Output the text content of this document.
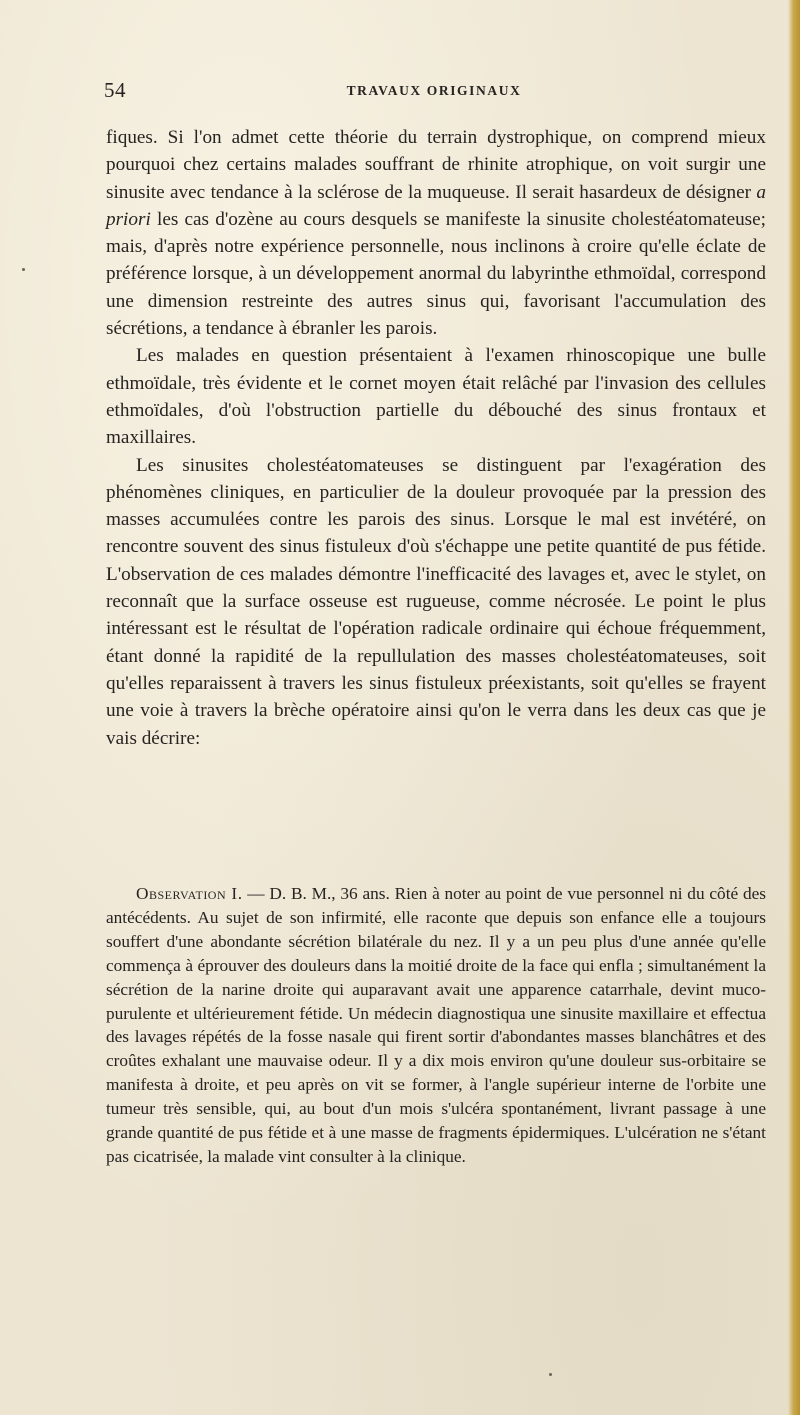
54	TRAVAUX ORIGINAUX

fiques. Si l'on admet cette théorie du terrain dystrophique, on comprend mieux pourquoi chez certains malades souffrant de rhinite atrophique, on voit surgir une sinusite avec tendance à la sclérose de la muqueuse. Il serait hasardeux de désigner a priori les cas d'ozène au cours desquels se manifeste la sinusite cholestéatomateuse; mais, d'après notre expérience personnelle, nous inclinons à croire qu'elle éclate de préférence lorsque, à un développement anormal du labyrinthe ethmoïdal, correspond une dimension restreinte des autres sinus qui, favorisant l'accumulation des sécrétions, a tendance à ébranler les parois.

Les malades en question présentaient à l'examen rhinoscopique une bulle ethmoïdale, très évidente et le cornet moyen était relâché par l'invasion des cellules ethmoïdales, d'où l'obstruction partielle du débouché des sinus frontaux et maxillaires.

Les sinusites cholestéatomateuses se distinguent par l'exagération des phénomènes cliniques, en particulier de la douleur provoquée par la pression des masses accumulées contre les parois des sinus. Lorsque le mal est invétéré, on rencontre souvent des sinus fistuleux d'où s'échappe une petite quantité de pus fétide. L'observation de ces malades démontre l'inefficacité des lavages et, avec le stylet, on reconnaît que la surface osseuse est rugueuse, comme nécrosée. Le point le plus intéressant est le résultat de l'opération radicale ordinaire qui échoue fréquemment, étant donné la rapidité de la repullulation des masses cholestéatomateuses, soit qu'elles reparaissent à travers les sinus fistuleux préexistants, soit qu'elles se frayent une voie à travers la brèche opératoire ainsi qu'on le verra dans les deux cas que je vais décrire:

Observation I. — D. B. M., 36 ans. Rien à noter au point de vue personnel ni du côté des antécédents. Au sujet de son infirmité, elle raconte que depuis son enfance elle a toujours souffert d'une abondante sécrétion bilatérale du nez. Il y a un peu plus d'une année qu'elle commença à éprouver des douleurs dans la moitié droite de la face qui enfla ; simultanément la sécrétion de la narine droite qui auparavant avait une apparence catarrhale, devint muco-purulente et ultérieurement fétide. Un médecin diagnostiqua une sinusite maxillaire et effectua des lavages répétés de la fosse nasale qui firent sortir d'abondantes masses blanchâtres et des croûtes exhalant une mauvaise odeur. Il y a dix mois environ qu'une douleur sus-orbitaire se manifesta à droite, et peu après on vit se former, à l'angle supérieur interne de l'orbite une tumeur très sensible, qui, au bout d'un mois s'ulcéra spontanément, livrant passage à une grande quantité de pus fétide et à une masse de fragments épidermiques. L'ulcération ne s'étant pas cicatrisée, la malade vint consulter à la clinique.
